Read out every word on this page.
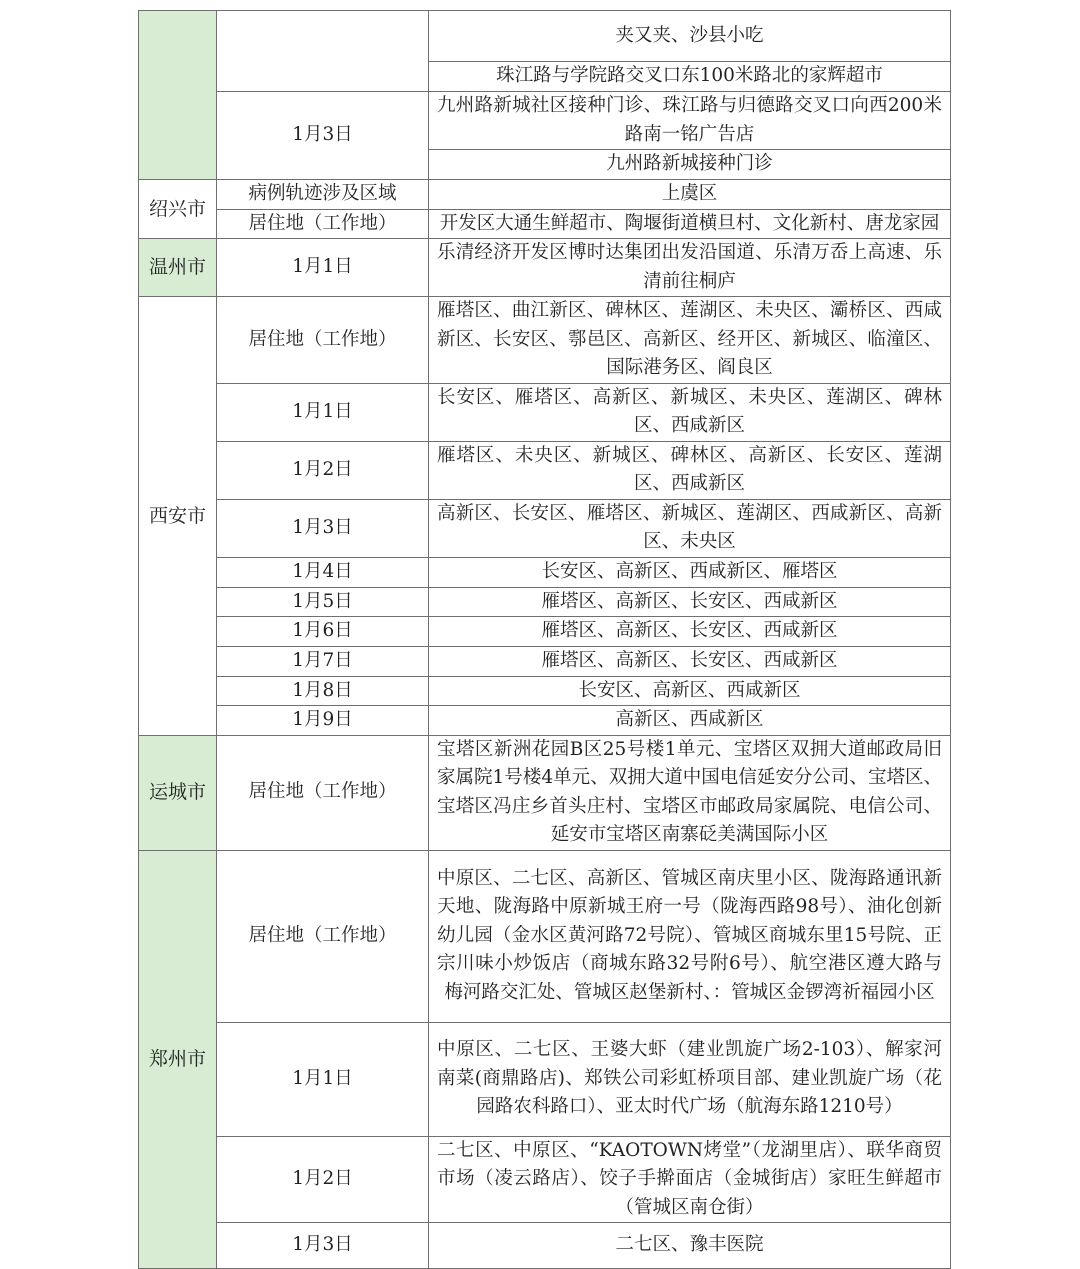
		夹又夹、沙县小吃
		珠江路与学院路交叉口东100米路北的家辉超市
	1月3日	九州路新城社区接种门诊、珠江路与归德路交叉口向西200米路南一铭广告店
		九州路新城接种门诊
绍兴市	病例轨迹涉及区域	上虞区
	居住地（工作地）	开发区大通生鲜超市、陶堰街道横旦村、文化新村、唐龙家园
温州市	1月1日	乐清经济开发区博时达集团出发沿国道、乐清万岙上高速、乐清前往桐庐
西安市	居住地（工作地）	雁塔区、曲江新区、碑林区、莲湖区、未央区、灞桥区、西咸新区、长安区、鄠邑区、高新区、经开区、新城区、临潼区、国际港务区、阎良区
	1月1日	长安区、雁塔区、高新区、新城区、未央区、莲湖区、碑林区、西咸新区
	1月2日	雁塔区、未央区、新城区、碑林区、高新区、长安区、莲湖区、西咸新区
	1月3日	高新区、长安区、雁塔区、新城区、莲湖区、西咸新区、高新区、未央区
	1月4日	长安区、高新区、西咸新区、雁塔区
	1月5日	雁塔区、高新区、长安区、西咸新区
	1月6日	雁塔区、高新区、长安区、西咸新区
	1月7日	雁塔区、高新区、长安区、西咸新区
	1月8日	长安区、高新区、西咸新区
	1月9日	高新区、西咸新区
运城市	居住地（工作地）	宝塔区新洲花园B区25号楼1单元、宝塔区双拥大道邮政局旧家属院1号楼4单元、双拥大道中国电信延安分公司、宝塔区、宝塔区冯庄乡首头庄村、宝塔区市邮政局家属院、电信公司、延安市宝塔区南寨砭美满国际小区
郑州市	居住地（工作地）	中原区、二七区、高新区、管城区南庆里小区、陇海路通讯新天地、陇海路中原新城王府一号（陇海西路98号）、油化创新幼儿园（金水区黄河路72号院）、管城区商城东里15号院、正宗川味小炒饭店（商城东路32号附6号）、航空港区遵大路与梅河路交汇处、管城区赵堡新村、：管城区金锣湾祈福园小区
	1月1日	中原区、二七区、王婆大虾（建业凯旋广场2-103）、解家河南菜(商鼎路店)、郑铁公司彩虹桥项目部、建业凯旋广场（花园路农科路口）、亚太时代广场（航海东路1210号）
	1月2日	二七区、中原区、“KAOTOWN烤堂”（龙湖里店）、联华商贸市场（凌云路店）、饺子手擀面店（金城街店）家旺生鲜超市（管城区南仓街）
	1月3日	二七区、豫丰医院
